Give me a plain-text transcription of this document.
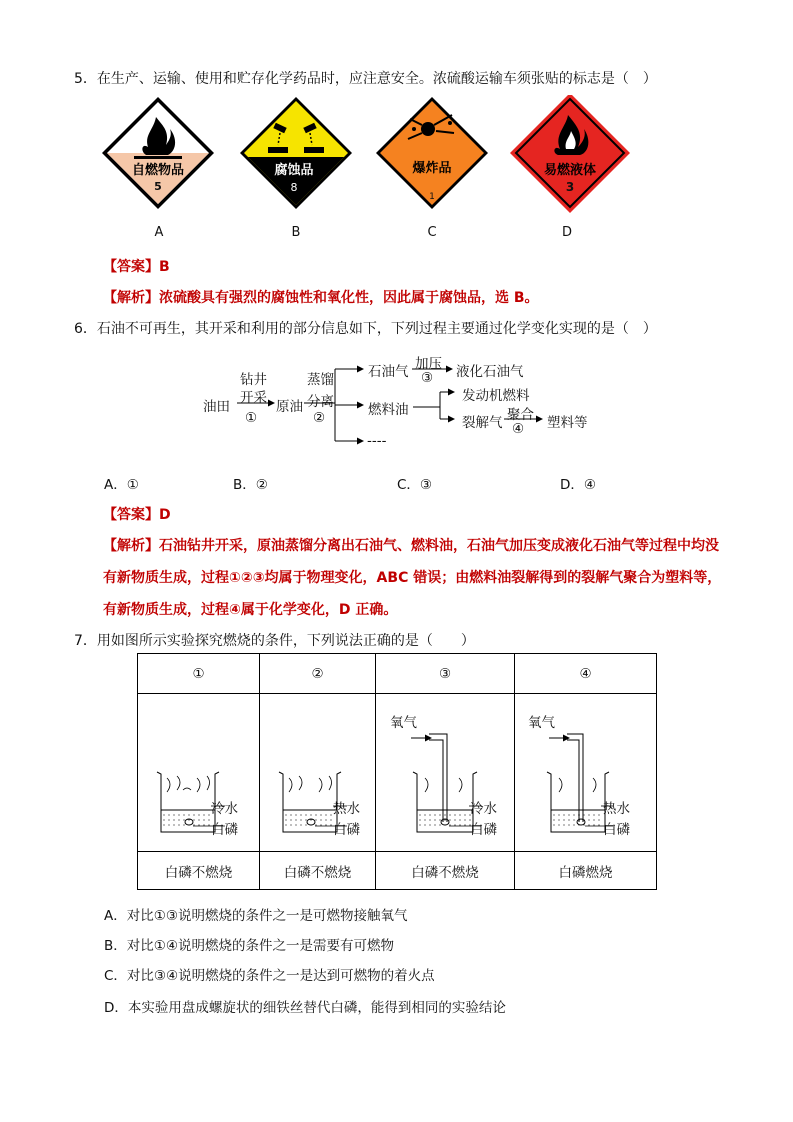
5．在生产、运输、使用和贮存化学药品时，应注意安全。浓硫酸运输车须张贴的标志是（　）
自燃物品
5
腐蚀品
8
爆炸品
1
易燃液体
3
A	B	C	D
【答案】B
【解析】浓硫酸具有强烈的腐蚀性和氧化性，因此属于腐蚀品，选 B。
6．石油不可再生，其开采和利用的部分信息如下，下列过程主要通过化学变化实现的是（　）
油田
钻井
开采
①
原油
蒸馏
分离
②
石油气 加压
③ 液化石油气
燃料油
发动机燃料
裂解气 聚合
④ 塑料等
----
A．①	B．②	C．③	D．④
【答案】D
【解析】石油钻井开采，原油蒸馏分离出石油气、燃料油，石油气加压变成液化石油气等过程中均没
有新物质生成，过程①②③均属于物理变化，ABC 错误；由燃料油裂解得到的裂解气聚合为塑料等，
有新物质生成，过程④属于化学变化，D 正确。
7．用如图所示实验探究燃烧的条件，下列说法正确的是（　　）
①	②	③	④

白磷不燃烧	白磷不燃烧	白磷不燃烧	白磷燃烧
冷水
白磷
热水
白磷
氧气
冷水
白磷
氧气
热水
白磷
A．对比①③说明燃烧的条件之一是可燃物接触氧气
B．对比①④说明燃烧的条件之一是需要有可燃物
C．对比③④说明燃烧的条件之一是达到可燃物的着火点
D．本实验用盘成螺旋状的细铁丝替代白磷，能得到相同的实验结论
